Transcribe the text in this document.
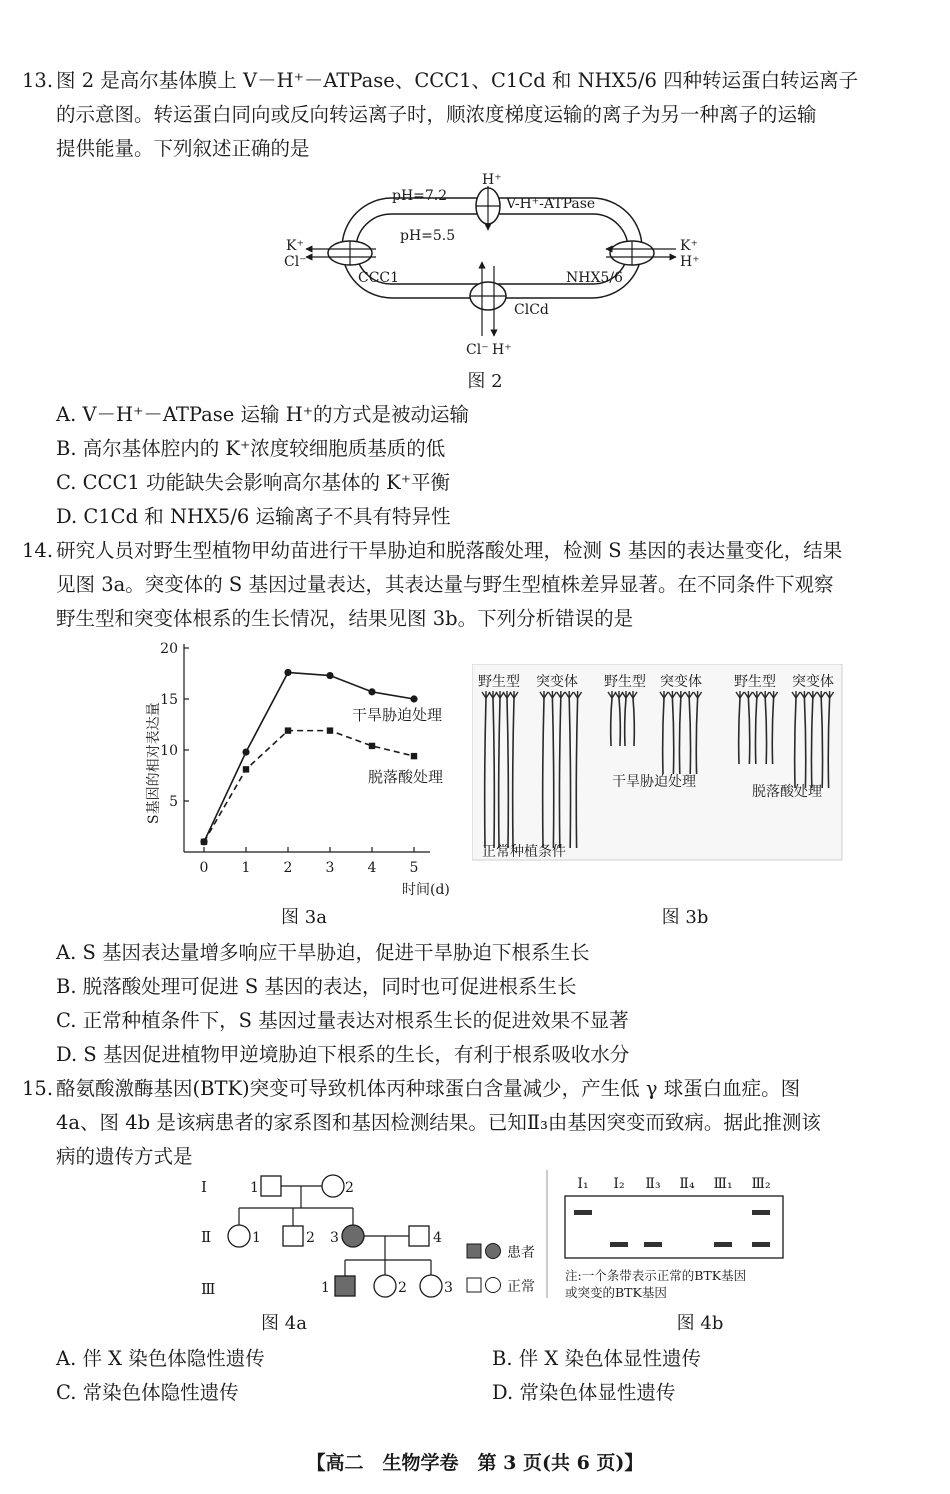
13. 图 2 是高尔基体膜上 V－H⁺－ATPase、CCC1、C1Cd 和 NHX5/6 四种转运蛋白转运离子
的示意图。转运蛋白同向或反向转运离子时，顺浓度梯度运输的离子为另一种离子的运输
提供能量。下列叙述正确的是
H⁺
pH=7.2
pH=5.5
V-H⁺-ATPase
K⁺
Cl⁻
CCC1	NHX5/6
K⁺
H⁺
ClCd
Cl⁻ H⁺
图 2
A. V－H⁺－ATPase 运输 H⁺的方式是被动运输
B. 高尔基体腔内的 K⁺浓度较细胞质基质的低
C. CCC1 功能缺失会影响高尔基体的 K⁺平衡
D. C1Cd 和 NHX5/6 运输离子不具有特异性
14. 研究人员对野生型植物甲幼苗进行干旱胁迫和脱落酸处理，检测 S 基因的表达量变化，结果
见图 3a。突变体的 S 基因过量表达，其表达量与野生型植株差异显著。在不同条件下观察
野生型和突变体根系的生长情况，结果见图 3b。下列分析错误的是
S基因的相对表达量
时间(d)
干旱胁迫处理
脱落酸处理
5
10
15
20
0 1 2 3 4 5
野生型 突变体 野生型 突变体 野生型 突变体
正常种植条件
干旱胁迫处理
脱落酸处理
图 3a	图 3b
A. S 基因表达量增多响应干旱胁迫，促进干旱胁迫下根系生长
B. 脱落酸处理可促进 S 基因的表达，同时也可促进根系生长
C. 正常种植条件下，S 基因过量表达对根系生长的促进效果不显著
D. S 基因促进植物甲逆境胁迫下根系的生长，有利于根系吸收水分
15. 酪氨酸激酶基因(BTK)突变可导致机体丙种球蛋白含量减少，产生低 γ 球蛋白血症。图
4a、图 4b 是该病患者的家系图和基因检测结果。已知Ⅱ₃由基因突变而致病。据此推测该
病的遗传方式是
Ⅰ
Ⅱ
Ⅲ
1	2
1	2 3	4
1	2	3
患者
正常
Ⅰ₁ Ⅰ₂ Ⅱ₃ Ⅱ₄ Ⅲ₁ Ⅲ₂
注:一个条带表示正常的BTK基因
或突变的BTK基因
图 4a	图 4b
A. 伴 X 染色体隐性遗传	B. 伴 X 染色体显性遗传
C. 常染色体隐性遗传	D. 常染色体显性遗传
【高二　生物学卷　第 3 页(共 6 页)】
